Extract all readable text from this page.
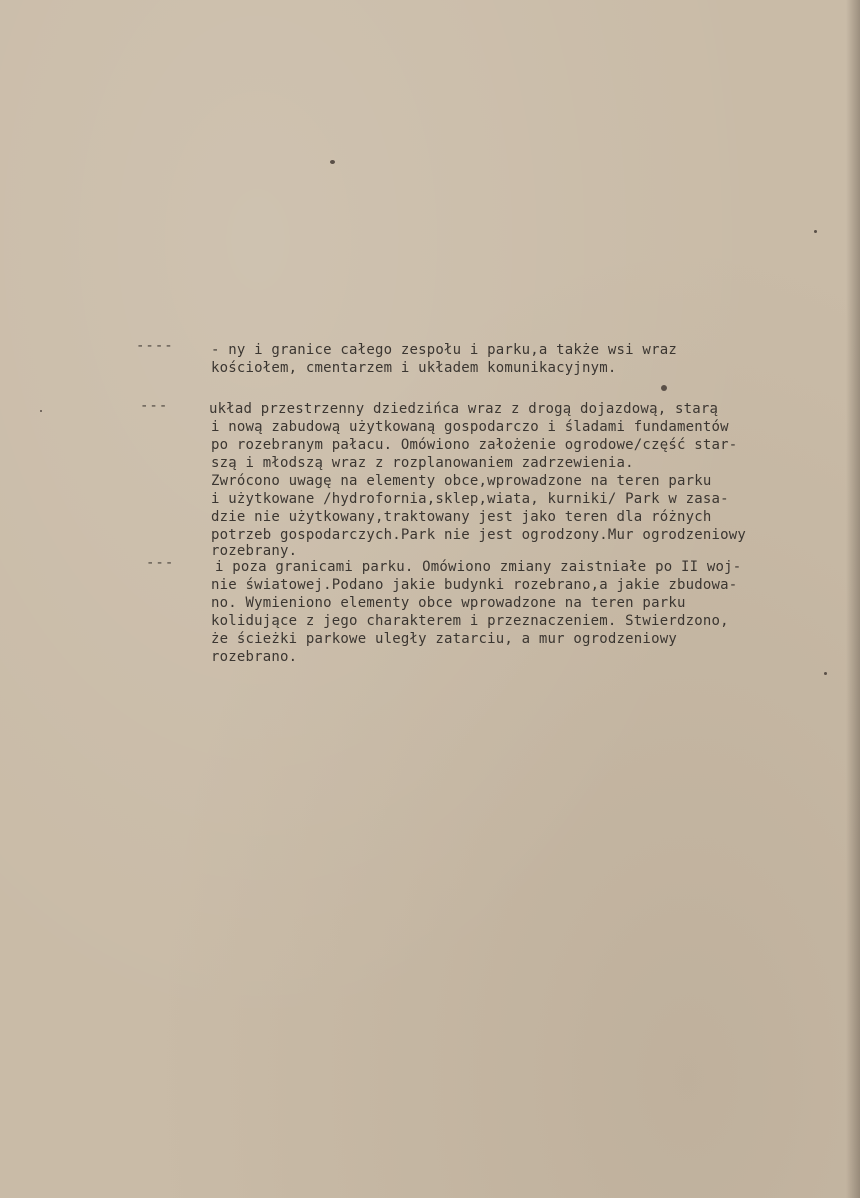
----
---
---

- ny i granice całego zespołu i parku,a także wsi wraz

kościołem, cmentarzem i układem komunikacyjnym.

układ przestrzenny dziedzińca wraz z drogą dojazdową, starą

i nową zabudową użytkowaną gospodarczo i śladami fundamentów

po rozebranym pałacu. Omówiono założenie ogrodowe/część star-

szą i młodszą wraz z rozplanowaniem zadrzewienia.

Zwrócono uwagę na elementy obce,wprowadzone na teren parku

i użytkowane /hydrofornia,sklep,wiata, kurniki/ Park w zasa-

dzie nie użytkowany,traktowany jest jako teren dla różnych

potrzeb gospodarczych.Park nie jest ogrodzony.Mur ogrodzeniowy

rozebrany.

i poza granicami parku. Omówiono zmiany zaistniałe po II woj-

nie światowej.Podano jakie budynki rozebrano,a jakie zbudowa-

no. Wymieniono elementy obce wprowadzone na teren parku

kolidujące z jego charakterem i przeznaczeniem. Stwierdzono,

że ścieżki parkowe uległy zatarciu, a mur ogrodzeniowy

rozebrano.
